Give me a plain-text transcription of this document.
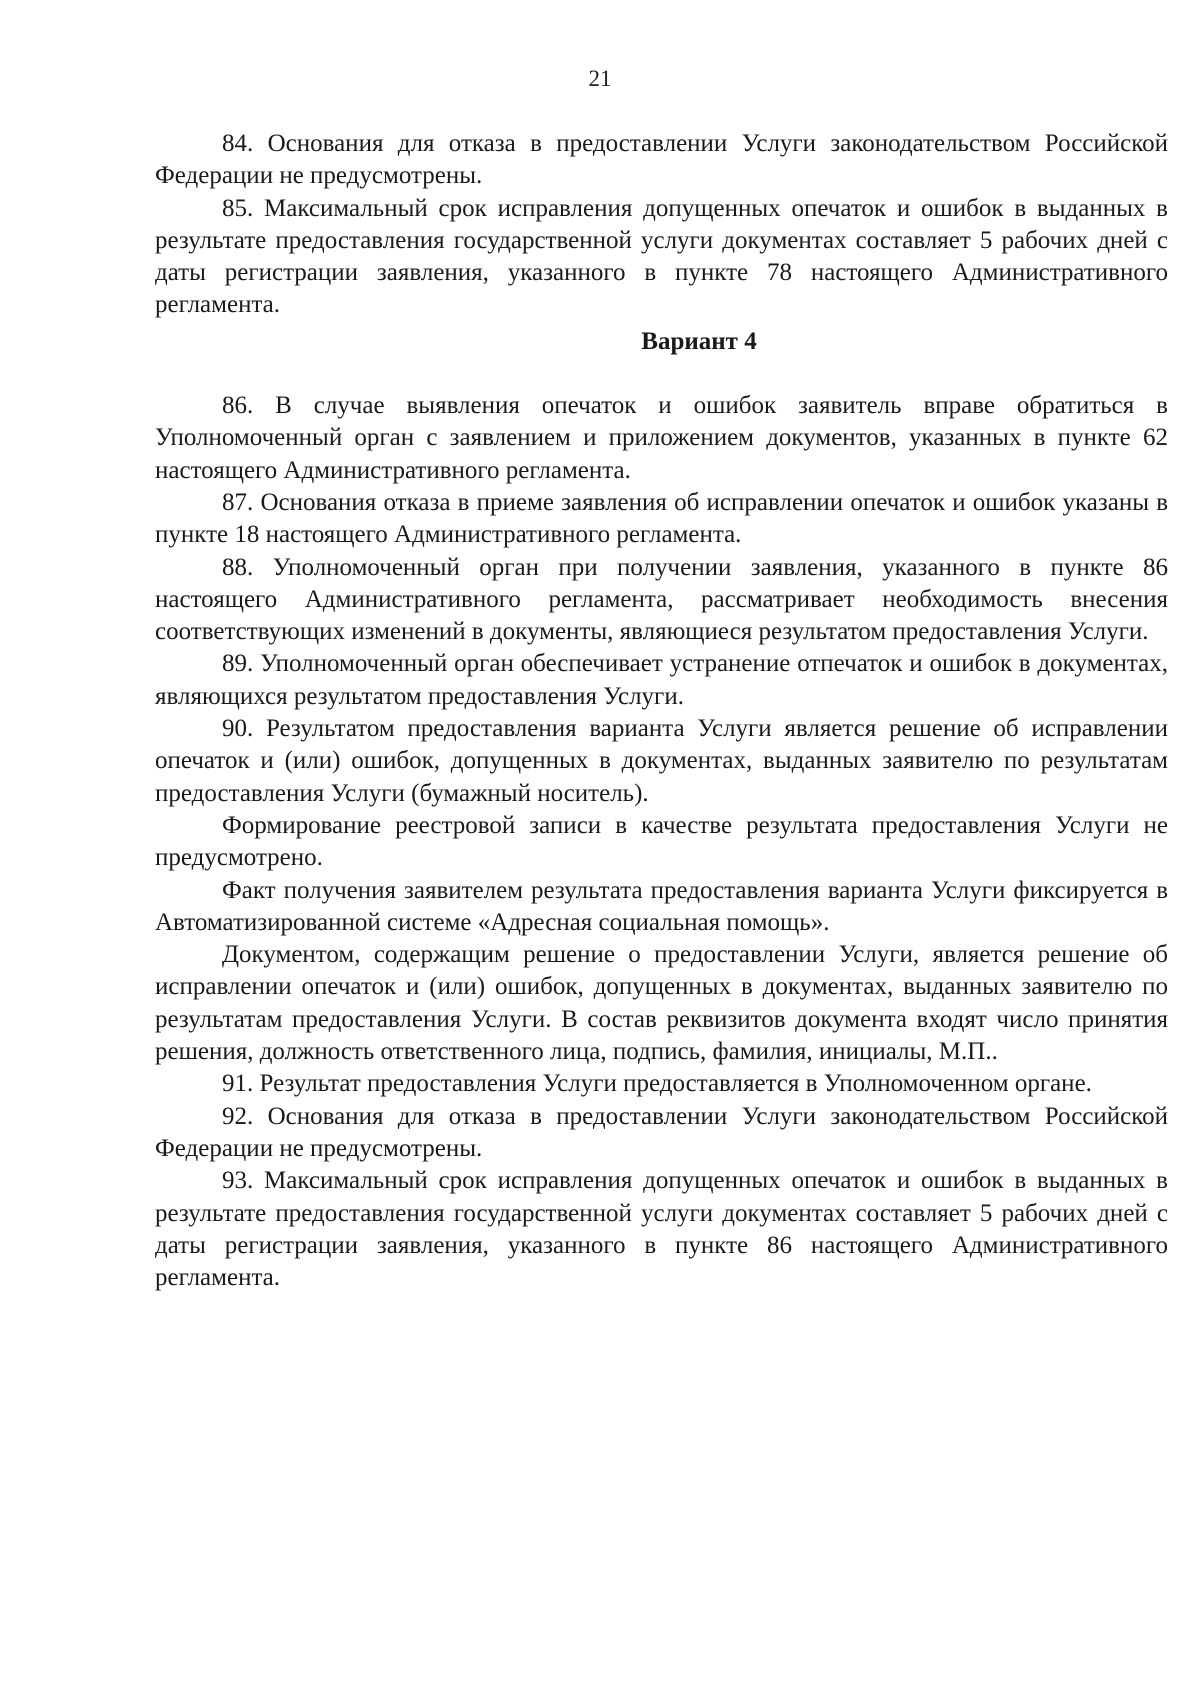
21

84. Основания для отказа в предоставлении Услуги законодательством Российской Федерации не предусмотрены.

85. Максимальный срок исправления допущенных опечаток и ошибок в выданных в результате предоставления государственной услуги документах составляет 5 рабочих дней с даты регистрации заявления, указанного в пункте 78 настоящего Административного регламента.

Вариант 4

86. В случае выявления опечаток и ошибок заявитель вправе обратиться в Уполномоченный орган с заявлением и приложением документов, указанных в пункте 62 настоящего Административного регламента.

87. Основания отказа в приеме заявления об исправлении опечаток и ошибок указаны в пункте 18 настоящего Административного регламента.

88. Уполномоченный орган при получении заявления, указанного в пункте 86 настоящего Административного регламента, рассматривает необходимость внесения соответствующих изменений в документы, являющиеся результатом предоставления Услуги.

89. Уполномоченный орган обеспечивает устранение отпечаток и ошибок в документах, являющихся результатом предоставления Услуги.

90. Результатом предоставления варианта Услуги является решение об исправлении опечаток и (или) ошибок, допущенных в документах, выданных заявителю по результатам предоставления Услуги (бумажный носитель).

Формирование реестровой записи в качестве результата предоставления Услуги не предусмотрено.

Факт получения заявителем результата предоставления варианта Услуги фиксируется в Автоматизированной системе «Адресная социальная помощь».

Документом, содержащим решение о предоставлении Услуги, является решение об исправлении опечаток и (или) ошибок, допущенных в документах, выданных заявителю по результатам предоставления Услуги. В состав реквизитов документа входят число принятия решения, должность ответственного лица, подпись, фамилия, инициалы, М.П..

91. Результат предоставления Услуги предоставляется в Уполномоченном органе.

92. Основания для отказа в предоставлении Услуги законодательством Российской Федерации не предусмотрены.

93. Максимальный срок исправления допущенных опечаток и ошибок в выданных в результате предоставления государственной услуги документах составляет 5 рабочих дней с даты регистрации заявления, указанного в пункте 86 настоящего Административного регламента.
